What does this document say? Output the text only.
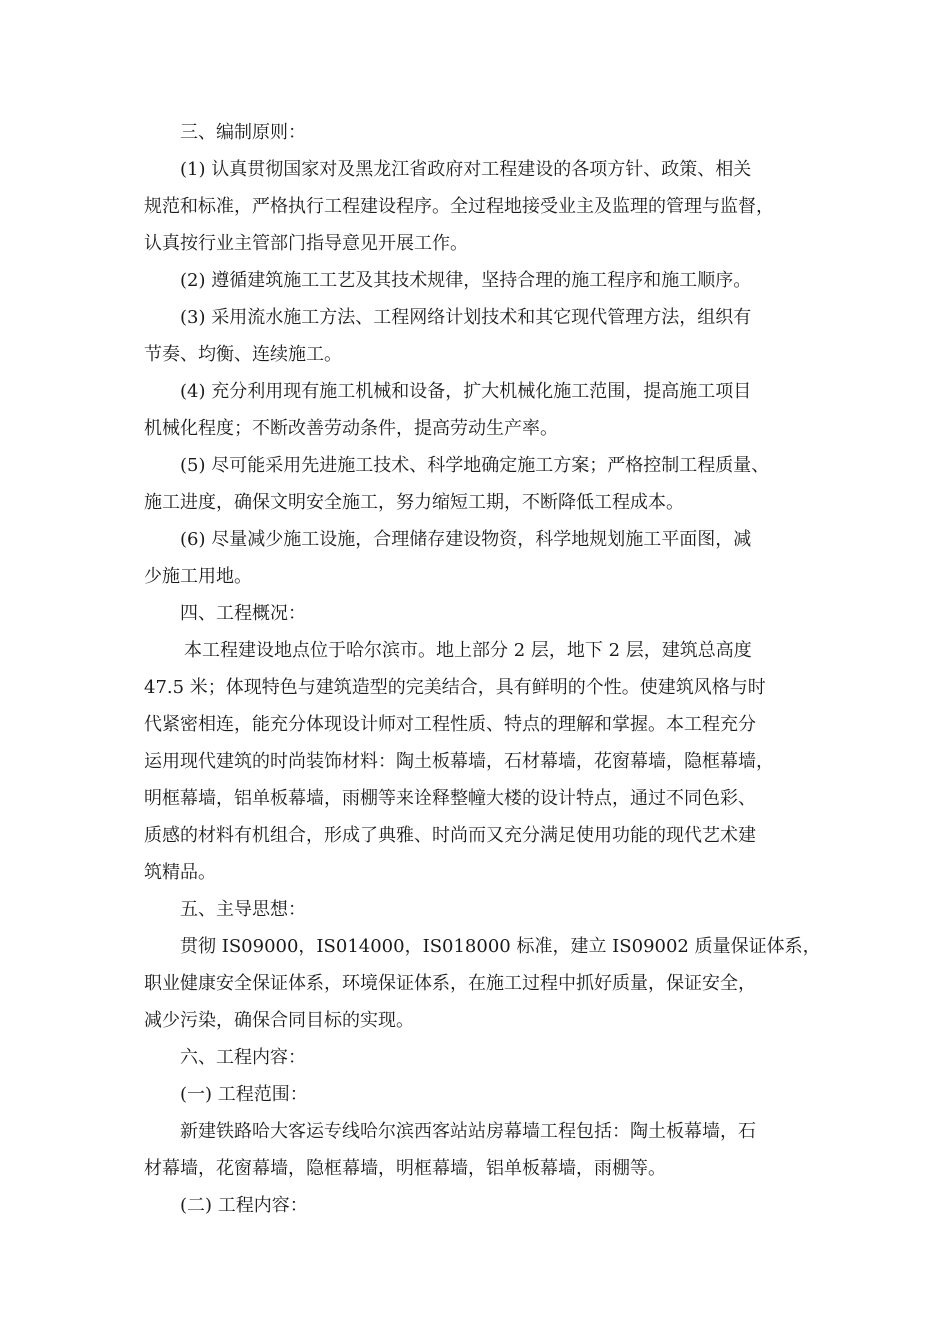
三、编制原则：
(1) 认真贯彻国家对及黑龙江省政府对工程建设的各项方针、政策、相关
规范和标准，严格执行工程建设程序。全过程地接受业主及监理的管理与监督，
认真按行业主管部门指导意见开展工作。
(2) 遵循建筑施工工艺及其技术规律，坚持合理的施工程序和施工顺序。
(3) 采用流水施工方法、工程网络计划技术和其它现代管理方法，组织有
节奏、均衡、连续施工。
(4) 充分利用现有施工机械和设备，扩大机械化施工范围，提高施工项目
机械化程度；不断改善劳动条件，提高劳动生产率。
(5) 尽可能采用先进施工技术、科学地确定施工方案；严格控制工程质量、
施工进度，确保文明安全施工，努力缩短工期，不断降低工程成本。
(6) 尽量减少施工设施，合理储存建设物资，科学地规划施工平面图，减
少施工用地。
四、工程概况：
本工程建设地点位于哈尔滨市。地上部分 2 层，地下 2 层，建筑总高度
47.5 米；体现特色与建筑造型的完美结合，具有鲜明的个性。使建筑风格与时
代紧密相连，能充分体现设计师对工程性质、特点的理解和掌握。本工程充分
运用现代建筑的时尚装饰材料：陶土板幕墙，石材幕墙，花窗幕墙，隐框幕墙，
明框幕墙，铝单板幕墙，雨棚等来诠释整幢大楼的设计特点，通过不同色彩、
质感的材料有机组合，形成了典雅、时尚而又充分满足使用功能的现代艺术建
筑精品。
五、主导思想：
贯彻 IS09000，IS014000，IS018000 标准，建立 IS09002 质量保证体系，
职业健康安全保证体系，环境保证体系，在施工过程中抓好质量，保证安全，
减少污染，确保合同目标的实现。
六、工程内容：
(一) 工程范围：
新建铁路哈大客运专线哈尔滨西客站站房幕墙工程包括：陶土板幕墙，石
材幕墙，花窗幕墙，隐框幕墙，明框幕墙，铝单板幕墙，雨棚等。
(二) 工程内容：
